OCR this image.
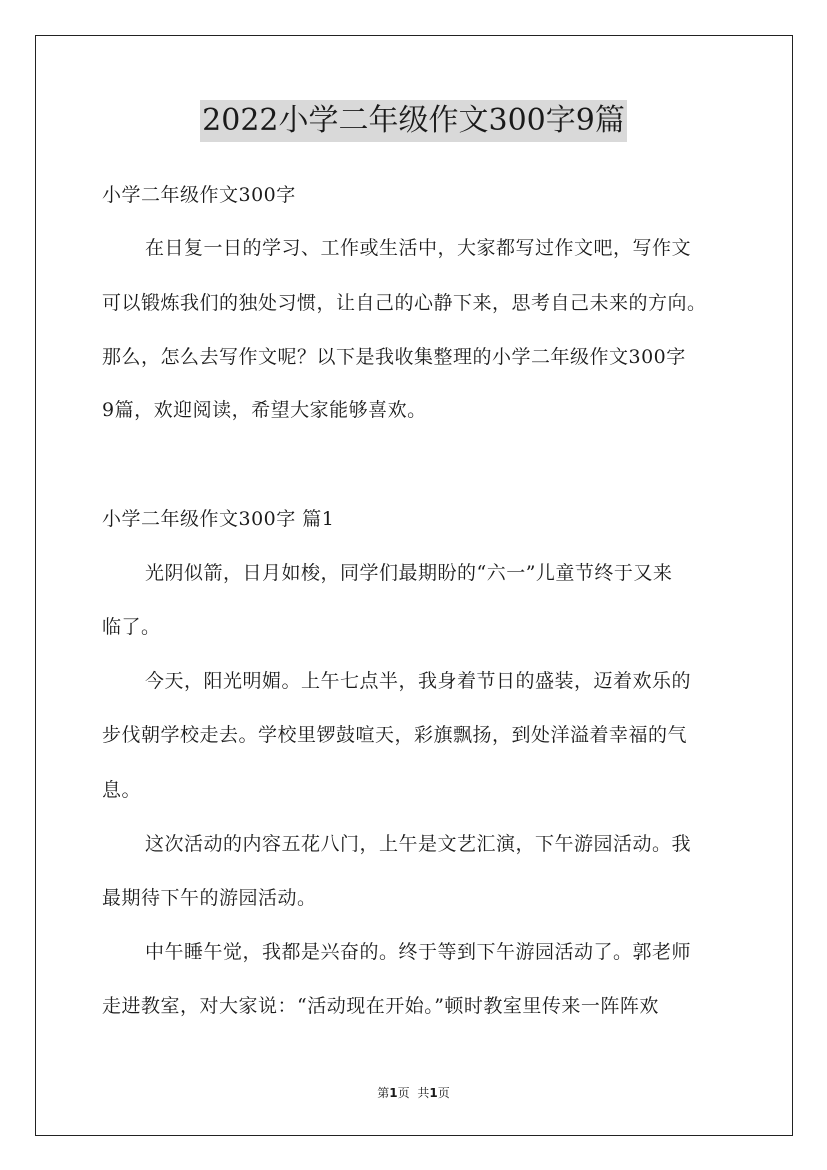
2022小学二年级作文300字9篇
小学二年级作文300字
在日复一日的学习、工作或生活中，大家都写过作文吧，写作文
可以锻炼我们的独处习惯，让自己的心静下来，思考自己未来的方向。
那么，怎么去写作文呢？以下是我收集整理的小学二年级作文300字
9篇，欢迎阅读，希望大家能够喜欢。
小学二年级作文300字 篇1
光阴似箭，日月如梭，同学们最期盼的“六一”儿童节终于又来
临了。
今天，阳光明媚。上午七点半，我身着节日的盛装，迈着欢乐的
步伐朝学校走去。学校里锣鼓喧天，彩旗飘扬，到处洋溢着幸福的气
息。
这次活动的内容五花八门，上午是文艺汇演，下午游园活动。我
最期待下午的游园活动。
中午睡午觉，我都是兴奋的。终于等到下午游园活动了。郭老师
走进教室，对大家说：“活动现在开始。”顿时教室里传来一阵阵欢
第1页 共1页
